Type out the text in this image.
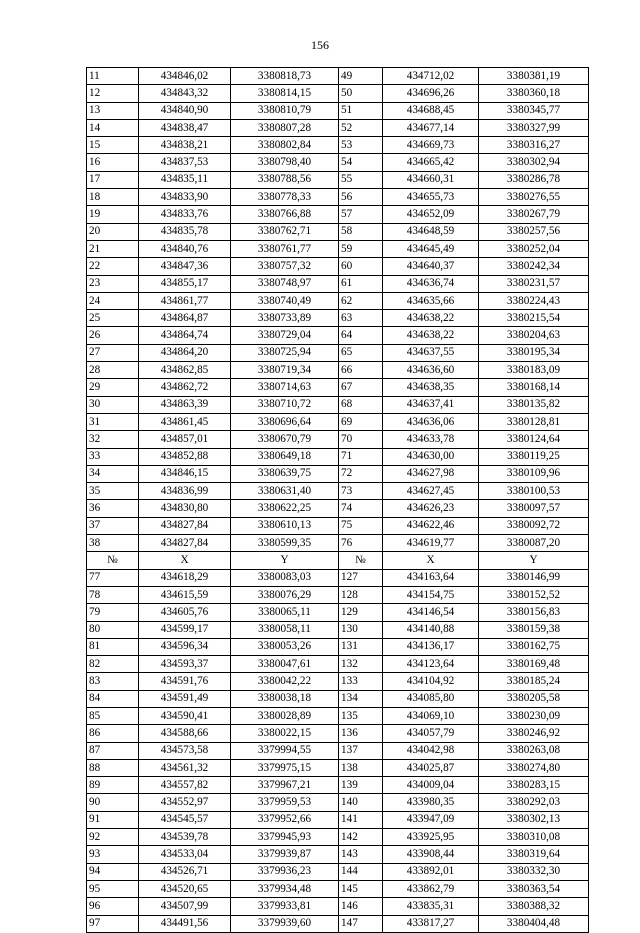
156
11	434846,02	3380818,73	49	434712,02	3380381,19
12	434843,32	3380814,15	50	434696,26	3380360,18
13	434840,90	3380810,79	51	434688,45	3380345,77
14	434838,47	3380807,28	52	434677,14	3380327,99
15	434838,21	3380802,84	53	434669,73	3380316,27
16	434837,53	3380798,40	54	434665,42	3380302,94
17	434835,11	3380788,56	55	434660,31	3380286,78
18	434833,90	3380778,33	56	434655,73	3380276,55
19	434833,76	3380766,88	57	434652,09	3380267,79
20	434835,78	3380762,71	58	434648,59	3380257,56
21	434840,76	3380761,77	59	434645,49	3380252,04
22	434847,36	3380757,32	60	434640,37	3380242,34
23	434855,17	3380748,97	61	434636,74	3380231,57
24	434861,77	3380740,49	62	434635,66	3380224,43
25	434864,87	3380733,89	63	434638,22	3380215,54
26	434864,74	3380729,04	64	434638,22	3380204,63
27	434864,20	3380725,94	65	434637,55	3380195,34
28	434862,85	3380719,34	66	434636,60	3380183,09
29	434862,72	3380714,63	67	434638,35	3380168,14
30	434863,39	3380710,72	68	434637,41	3380135,82
31	434861,45	3380696,64	69	434636,06	3380128,81
32	434857,01	3380670,79	70	434633,78	3380124,64
33	434852,88	3380649,18	71	434630,00	3380119,25
34	434846,15	3380639,75	72	434627,98	3380109,96
35	434836,99	3380631,40	73	434627,45	3380100,53
36	434830,80	3380622,25	74	434626,23	3380097,57
37	434827,84	3380610,13	75	434622,46	3380092,72
38	434827,84	3380599,35	76	434619,77	3380087,20
№	X	Y	№	X	Y
77	434618,29	3380083,03	127	434163,64	3380146,99
78	434615,59	3380076,29	128	434154,75	3380152,52
79	434605,76	3380065,11	129	434146,54	3380156,83
80	434599,17	3380058,11	130	434140,88	3380159,38
81	434596,34	3380053,26	131	434136,17	3380162,75
82	434593,37	3380047,61	132	434123,64	3380169,48
83	434591,76	3380042,22	133	434104,92	3380185,24
84	434591,49	3380038,18	134	434085,80	3380205,58
85	434590,41	3380028,89	135	434069,10	3380230,09
86	434588,66	3380022,15	136	434057,79	3380246,92
87	434573,58	3379994,55	137	434042,98	3380263,08
88	434561,32	3379975,15	138	434025,87	3380274,80
89	434557,82	3379967,21	139	434009,04	3380283,15
90	434552,97	3379959,53	140	433980,35	3380292,03
91	434545,57	3379952,66	141	433947,09	3380302,13
92	434539,78	3379945,93	142	433925,95	3380310,08
93	434533,04	3379939,87	143	433908,44	3380319,64
94	434526,71	3379936,23	144	433892,01	3380332,30
95	434520,65	3379934,48	145	433862,79	3380363,54
96	434507,99	3379933,81	146	433835,31	3380388,32
97	434491,56	3379939,60	147	433817,27	3380404,48
